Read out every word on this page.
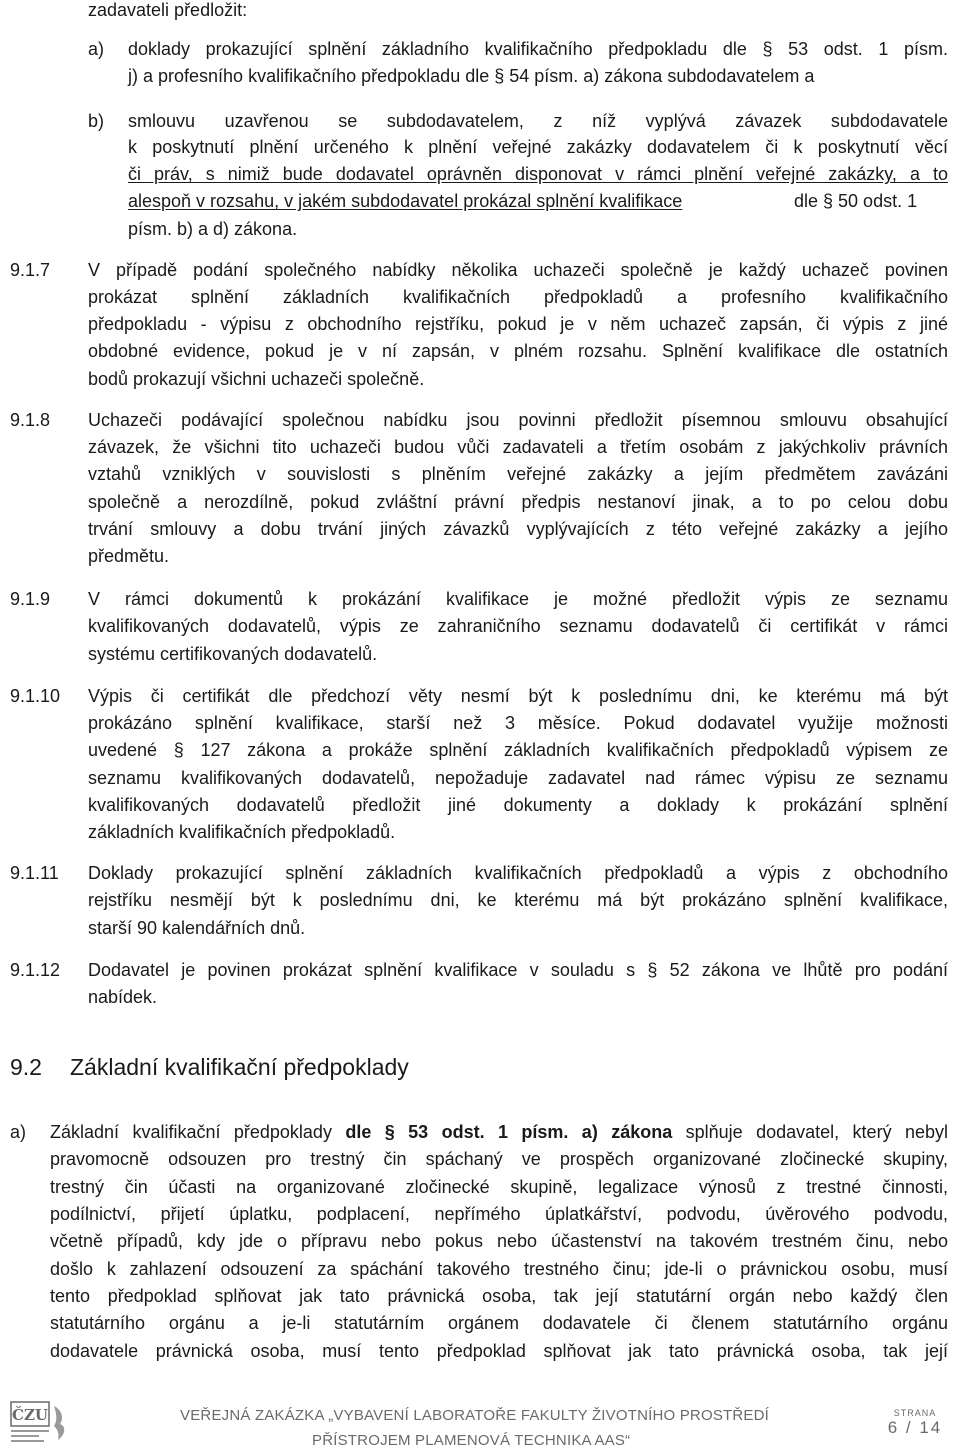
zadavateli předložit:
a) doklady prokazující splnění základního kvalifikačního předpokladu dle § 53 odst. 1 písm.
j) a profesního kvalifikačního předpokladu dle § 54 písm. a) zákona subdodavatelem a
b) smlouvu uzavřenou se subdodavatelem, z níž vyplývá závazek subdodavatele
k poskytnutí plnění určeného k plnění veřejné zakázky dodavatelem či k poskytnutí věcí
či práv, s nimiž bude dodavatel oprávněn disponovat v rámci plnění veřejné zakázky, a to
alespoň v rozsahu, v jakém subdodavatel prokázal splnění kvalifikace	dle § 50 odst. 1
písm. b) a d) zákona.
9.1.7 V případě podání společného nabídky několika uchazeči společně je každý uchazeč povinen
prokázat splnění základních kvalifikačních předpokladů a profesního kvalifikačního
předpokladu - výpisu z obchodního rejstříku, pokud je v něm uchazeč zapsán, či výpis z jiné
obdobné evidence, pokud je v ní zapsán, v plném rozsahu. Splnění kvalifikace dle ostatních
bodů prokazují všichni uchazeči společně.
9.1.8 Uchazeči podávající společnou nabídku jsou povinni předložit písemnou smlouvu obsahující
závazek, že všichni tito uchazeči budou vůči zadavateli a třetím osobám z jakýchkoliv právních
vztahů vzniklých v souvislosti s plněním veřejné zakázky a jejím předmětem zavázáni
společně a nerozdílně, pokud zvláštní právní předpis nestanoví jinak, a to po celou dobu
trvání smlouvy a dobu trvání jiných závazků vyplývajících z této veřejné zakázky a jejího
předmětu.
9.1.9 V rámci dokumentů k prokázání kvalifikace je možné předložit výpis ze seznamu
kvalifikovaných dodavatelů, výpis ze zahraničního seznamu dodavatelů či certifikát v rámci
systému certifikovaných dodavatelů.
9.1.10 Výpis či certifikát dle předchozí věty nesmí být k poslednímu dni, ke kterému má být
prokázáno splnění kvalifikace, starší než 3 měsíce. Pokud dodavatel využije možnosti
uvedené § 127 zákona a prokáže splnění základních kvalifikačních předpokladů výpisem ze
seznamu kvalifikovaných dodavatelů, nepožaduje zadavatel nad rámec výpisu ze seznamu
kvalifikovaných dodavatelů předložit jiné dokumenty a doklady k prokázání splnění
základních kvalifikačních předpokladů.
9.1.11 Doklady prokazující splnění základních kvalifikačních předpokladů a výpis z obchodního
rejstříku nesmějí být k poslednímu dni, ke kterému má být prokázáno splnění kvalifikace,
starší 90 kalendářních dnů.
9.1.12 Dodavatel je povinen prokázat splnění kvalifikace v souladu s § 52 zákona ve lhůtě pro podání
nabídek.
9.2 Základní kvalifikační předpoklady
a) Základní kvalifikační předpoklady dle § 53 odst. 1 písm. a) zákona splňuje dodavatel, který nebyl
pravomocně odsouzen pro trestný čin spáchaný ve prospěch organizované zločinecké skupiny,
trestný čin účasti na organizované zločinecké skupině, legalizace výnosů z trestné činnosti,
podílnictví, přijetí úplatku, podplacení, nepřímého úplatkářství, podvodu, úvěrového podvodu,
včetně případů, kdy jde o přípravu nebo pokus nebo účastenství na takovém trestném činu, nebo
došlo k zahlazení odsouzení za spáchání takového trestného činu; jde-li o právnickou osobu, musí
tento předpoklad splňovat jak tato právnická osoba, tak její statutární orgán nebo každý člen
statutárního orgánu a je-li statutárním orgánem dodavatele či členem statutárního orgánu
dodavatele právnická osoba, musí tento předpoklad splňovat jak tato právnická osoba, tak její
ČZU	VEŘEJNÁ ZAKÁZKA „VYBAVENÍ LABORATOŘE FAKULTY ŽIVOTNÍHO PROSTŘEDÍ
PŘÍSTROJEM PLAMENOVÁ TECHNIKA AAS“
STRANA
6 / 14
